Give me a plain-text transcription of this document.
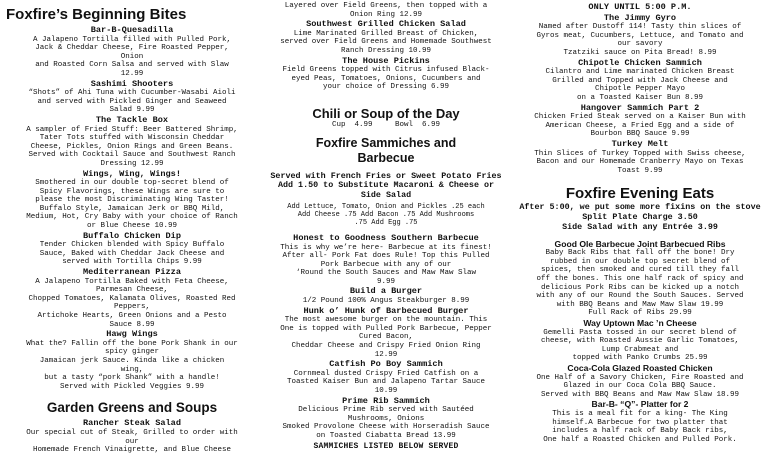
Foxfire’s Beginning Bites
Bar-B-Quesadilla
A Jalapeno Tortilla filled with Pulled Pork,
Jack & Cheddar Cheese, Fire Roasted Pepper,
Onion
and Roasted Corn Salsa and served with Slaw
12.99
Sashimi Shooters
“Shots” of Ahi Tuna with Cucumber-Wasabi Aioli
and served with Pickled Ginger and Seaweed
Salad 9.99
The Tackle Box
A sampler of Fried Stuff: Beer Battered Shrimp,
Tater Tots stuffed with Wisconsin Cheddar
Cheese, Pickles, Onion Rings and Green Beans.
Served with Cocktail Sauce and Southwest Ranch
Dressing 12.99
Wings, Wing, Wings!
Smothered in our double top-secret blend of
Spicy Flavorings, these Wings are sure to
please the most Discriminating Wing Taster!
Buffalo Style, Jamaican Jerk or BBQ Mild,
Medium, Hot, Cry Baby with your choice of Ranch
or Blue Cheese 10.99
Buffalo Chicken Dip
Tender Chicken blended with Spicy Buffalo
Sauce, Baked with Cheddar Jack Cheese and
served with Tortilla Chips 9.99
Mediterranean Pizza
A Jalapeno Tortilla Baked with Feta Cheese,
Parmesan Cheese,
Chopped Tomatoes, Kalamata Olives, Roasted Red
Peppers,
Artichoke Hearts, Green Onions and a Pesto
Sauce 8.99
Hawg Wings
What the? Fallin off the bone Pork Shank in our
spicy ginger
Jamaican jerk Sauce. Kinda like a chicken
wing,
but a tasty “pork Shank” with a handle!
Served with Pickled Veggies 9.99
Garden Greens and Soups
Rancher Steak Salad
Our special cut of Steak, Grilled to order with
our
Homemade French Vinaigrette, and Blue Cheese
Layered over Field Greens, then topped with a
Onion Ring 12.99
Southwest Grilled Chicken Salad
Lime Marinated Grilled Breast of Chicken,
served over Field Greens and Homemade Southwest
Ranch Dressing 10.99
The House Pickins
Field Greens topped with Citrus infused Black-
eyed Peas, Tomatoes, Onions, Cucumbers and
your choice of Dressing 6.99
Chili or Soup of the Day
Cup 4.99	Bowl 6.99
Foxfire Sammiches and Barbecue
Served with French Fries or Sweet Potato Fries
Add 1.50 to Substitute Macaroni & Cheese or Side Salad
Add Lettuce, Tomato, Onion and Pickles .25 each
Add Cheese .75 Add Bacon .75 Add Mushrooms
.75 Add Egg .75
Honest to Goodness Southern Barbecue
This is why we’re here- Barbecue at its finest!
After all- Pork Fat does Rule! Top this Pulled
Pork Barbecue with any of our
‘Round the South Sauces and Maw Maw Slaw
9.99
Build a Burger
1/2 Pound 100% Angus Steakburger 8.99
Hunk o’ Hunk of Barbecued Burger
The most awesome burger on the mountain. This
One is topped with Pulled Pork Barbecue, Pepper
Cured Bacon,
Cheddar Cheese and Crispy Fried Onion Ring
12.99
Catfish Po Boy Sammich
Cornmeal dusted Crispy Fried Catfish on a
Toasted Kaiser Bun and Jalapeno Tartar Sauce
10.99
Prime Rib Sammich
Delicious Prime Rib served with Sautéed
Mushrooms, Onions
Smoked Provolone Cheese with Horseradish Sauce
on Toasted Ciabatta Bread 13.99
SAMMICHES LISTED BELOW SERVED
ONLY UNTIL 5:00 P.M.
The Jimmy Gyro
Named after Dustoff 114! Tasty thin slices of
Gyros meat, Cucumbers, Lettuce, and Tomato and
our savory
Tzatziki sauce on Pita Bread! 8.99
Chipotle Chicken Sammich
Cilantro and Lime marinated Chicken Breast
Grilled and Topped with Jack Cheese and
Chipotle Pepper Mayo
on a Toasted Kaiser Bun 8.99
Hangover Sammich Part 2
Chicken Fried Steak served on a Kaiser Bun with
American Cheese, a Fried Egg and a side of
Bourbon BBQ Sauce 9.99
Turkey Melt
Thin Slices of Turkey Topped with Swiss cheese,
Bacon and our Homemade Cranberry Mayo on Texas
Toast 9.99
Foxfire Evening Eats
After 5:00, we put some more fixins on the stove
Split Plate Charge 3.50
Side Salad with any Entrée 3.99
Good Ole Barbecue Joint Barbecued Ribs
Baby Back Ribs that fall off the bone! Dry
rubbed in our double top secret blend of
spices, then smoked and cured till they fall
off the bones. This one half rack of spicy and
delicious Pork Ribs can be kicked up a notch
with any of our Round the South Sauces. Served
with BBQ Beans and Maw Maw Slaw 19.99
Full Rack of Ribs 29.99
Way Uptown Mac ’n Cheese
Gemelli Pasta tossed in our secret blend of
cheese, with Roasted Aussie Garlic Tomatoes,
Lump Crabmeat and
topped with Panko Crumbs 25.99
Coca-Cola Glazed Roasted Chicken
One Half of a Savory Chicken, Fire Roasted and
Glazed in our Coca Cola BBQ Sauce.
Served with BBQ Beans and Maw Maw Slaw 18.99
Bar-B- “Q”- Platter for 2
This is a meal fit for a king- The King
himself.A Barbecue for two platter that
includes a half rack of Baby Back ribs,
One half a Roasted Chicken and Pulled Pork.
